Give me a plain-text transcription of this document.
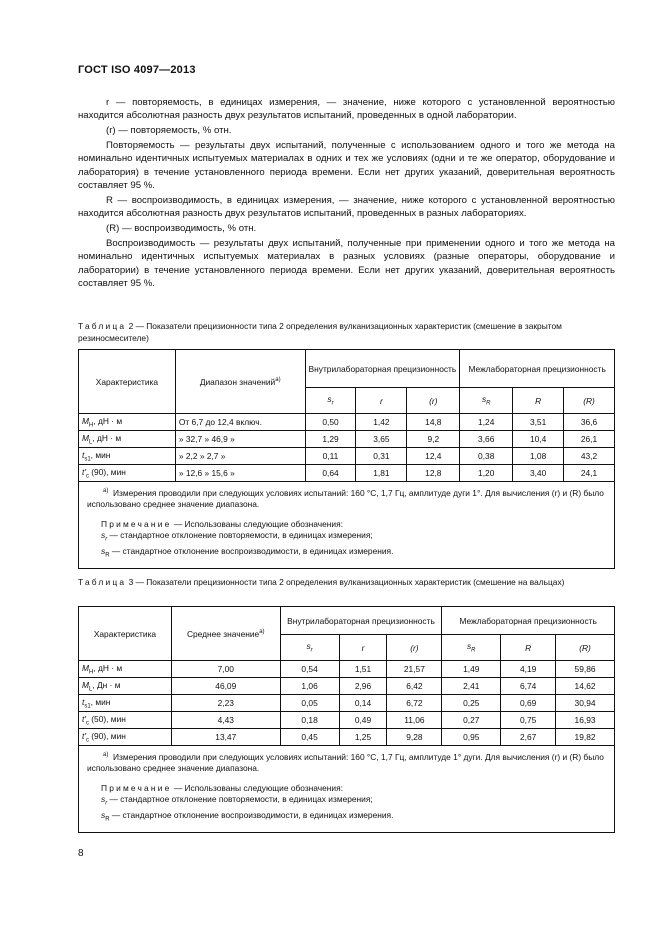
ГОСТ ISO 4097—2013

r — повторяемость, в единицах измерения, — значение, ниже которого с установленной вероятностью находится абсолютная разность двух результатов испытаний, проведенных в одной лаборатории.

(r) — повторяемость, % отн.

Повторяемость — результаты двух испытаний, полученные с использованием одного и того же метода на номинально идентичных испытуемых материалах в одних и тех же условиях (одни и те же оператор, оборудование и лаборатория) в течение установленного периода времени. Если нет других указаний, доверительная вероятность составляет 95 %.

R — воспроизводимость, в единицах измерения, — значение, ниже которого с установленной вероятностью находится абсолютная разность двух результатов испытаний, проведенных в разных лабораториях.

(R) — воспроизводимость, % отн.

Воспроизводимость — результаты двух испытаний, полученные при применении одного и того же метода на номинально идентичных испытуемых материалах в разных условиях (разные операторы, оборудование и лаборатории) в течение установленного периода времени. Если нет других указаний, доверительная вероятность составляет 95 %.

Таблица 2 — Показатели прецизионности типа 2 определения вулканизационных характеристик (смешение в закрытом резиносмесителе)
Характеристика	Диапазон значений$^{a)}$	Внутрилабораторная прецизионность			Межлабораторная прецизионность		
		$s_r$	r	(r)	$s_R$	R	(R)
$M_H$, дН · м	От 6,7 до 12,4 включ.	0,50	1,42	14,8	1,24	3,51	36,6
$M_L$, дН · м	» 32,7 » 46,9 »	1,29	3,65	9,2	3,66	10,4	26,1
$t_{s1}$, мин	» 2,2 » 2,7 »	0,11	0,31	12,4	0,38	1,08	43,2
$t'_c$ (90), мин	» 12,6 » 15,6 »	0,64	1,81	12,8	1,20	3,40	24,1

$^{a)}$ Измерения проводили при следующих условиях испытаний: 160 °С, 1,7 Гц, амплитуде дуги 1°. Для вычисления (r) и (R) было использовано среднее значение диапазона.
Примечание — Использованы следующие обозначения:
$s_r$ — стандартное отклонение повторяемости, в единицах измерения;
$s_R$ — стандартное отклонение воспроизводимости, в единицах измерения.							
Таблица 3 — Показатели прецизионности типа 2 определения вулканизационных характеристик (смешение на вальцах)
Характеристика	Среднее значение$^{a)}$	Внутрилабораторная прецизионность			Межлабораторная прецизионность		
		$s_r$	r	(r)	$s_R$	R	(R)
$M_H$, дН · м	7,00	0,54	1,51	21,57	1,49	4,19	59,86
$M_L$, Дн · м	46,09	1,06	2,96	6,42	2,41	6,74	14,62
$t_{s1}$, мин	2,23	0,05	0,14	6,72	0,25	0,69	30,94
$t'_c$ (50), мин	4,43	0,18	0,49	11,06	0,27	0,75	16,93
$t'_c$ (90), мин	13,47	0,45	1,25	9,28	0,95	2,67	19,82

$^{a)}$ Измерения проводили при следующих условиях испытаний: 160 °С, 1,7 Гц, амплитуде 1° дуги. Для вычисления (r) и (R) было использовано среднее значение диапазона.
Примечание — Использованы следующие обозначения:
$s_r$ — стандартное отклонение повторяемости, в единицах измерения;
$s_R$ — стандартное отклонение воспроизводимости, в единицах измерения.							
8
